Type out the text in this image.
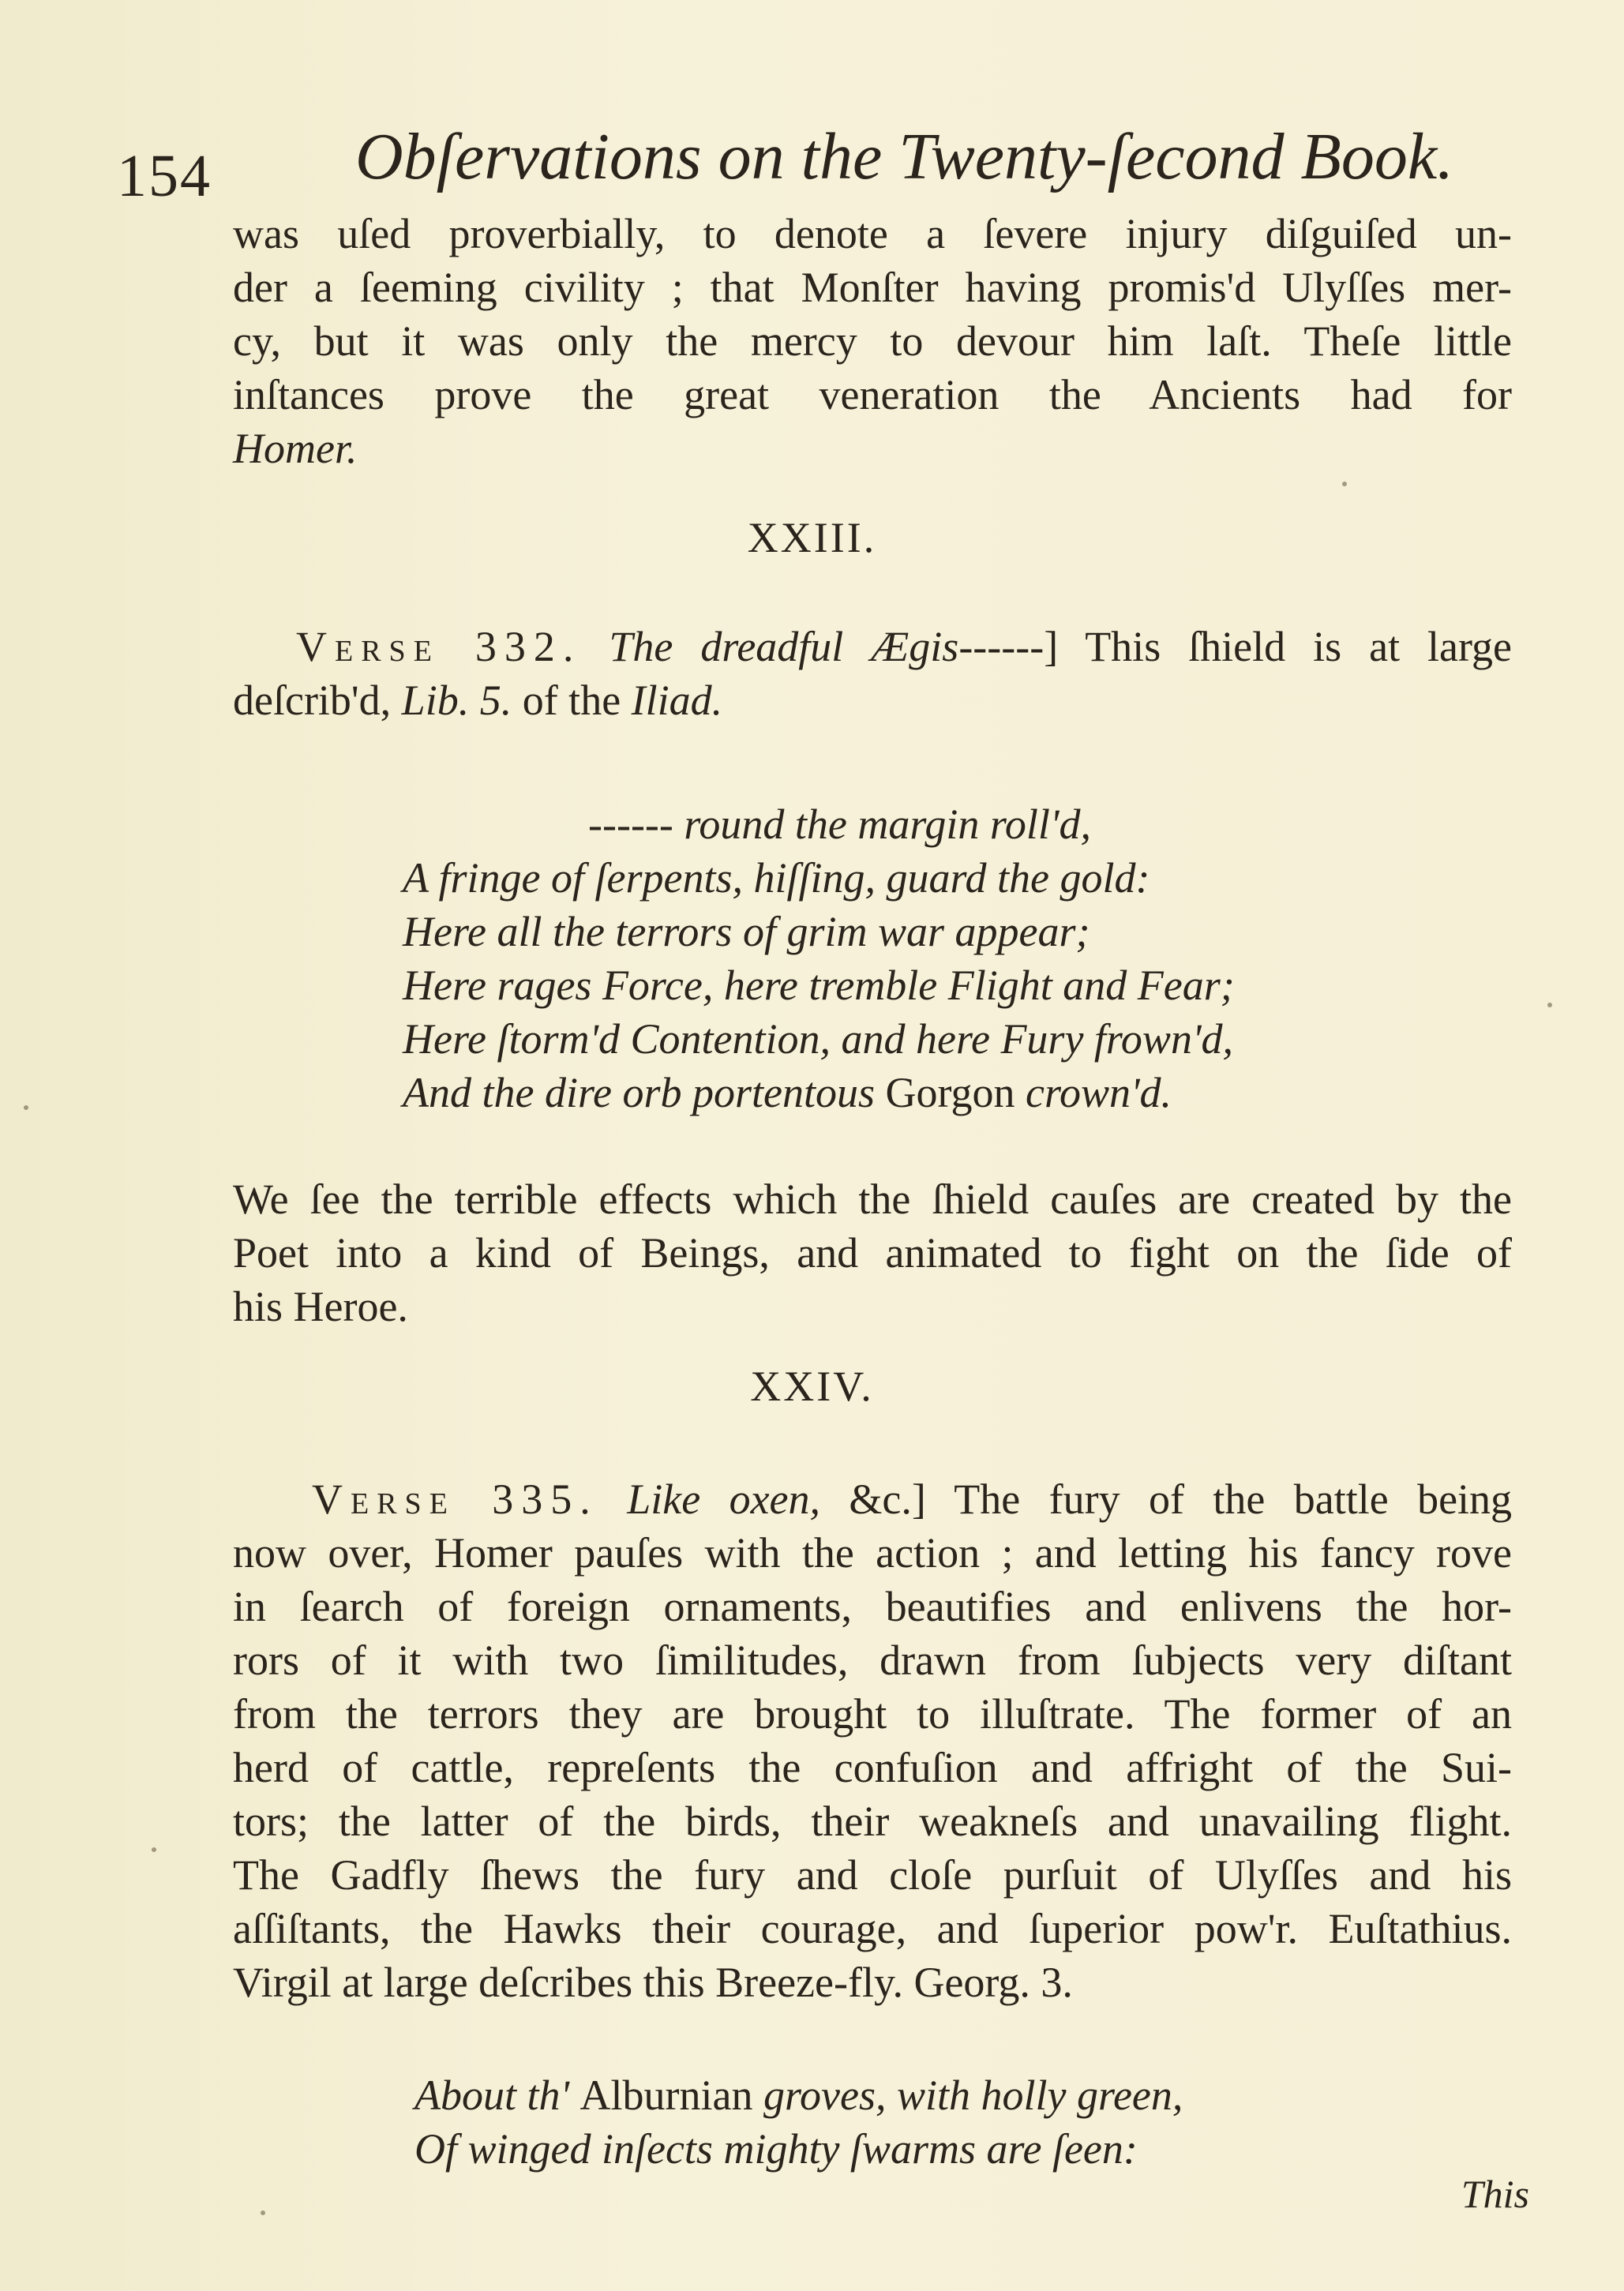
154 Obſervations on the Twenty-ſecond Book.
was uſed proverbially, to denote a ſevere injury diſguiſed un-
der a ſeeming civility ; that Monſter having promis'd Ulyſſes mer-
cy, but it was only the mercy to devour him laſt. Theſe little
inſtances prove the great veneration the Ancients had for
Homer.
XXIII.
Verse 332. The dreadful Ægis------] This ſhield is at large
deſcrib'd, Lib. 5. of the Iliad.
------ round the margin roll'd,
A fringe of ſerpents, hiſſing, guard the gold:
Here all the terrors of grim war appear;
Here rages Force, here tremble Flight and Fear;
Here ſtorm'd Contention, and here Fury frown'd,
And the dire orb portentous Gorgon crown'd.
We ſee the terrible effects which the ſhield cauſes are created by the
Poet into a kind of Beings, and animated to fight on the ſide of
his Heroe.
XXIV.
Verse 335. Like oxen, &c.] The fury of the battle being
now over, Homer pauſes with the action ; and letting his fancy rove
in ſearch of foreign ornaments, beautifies and enlivens the hor-
rors of it with two ſimilitudes, drawn from ſubjects very diſtant
from the terrors they are brought to illuſtrate. The former of an
herd of cattle, repreſents the confuſion and affright of the Sui-
tors; the latter of the birds, their weakneſs and unavailing flight.
The Gadfly ſhews the fury and cloſe purſuit of Ulyſſes and his
aſſiſtants, the Hawks their courage, and ſuperior pow'r. Euſtathius.
Virgil at large deſcribes this Breeze-fly. Georg. 3.
About th' Alburnian groves, with holly green,
Of winged inſects mighty ſwarms are ſeen:
This
